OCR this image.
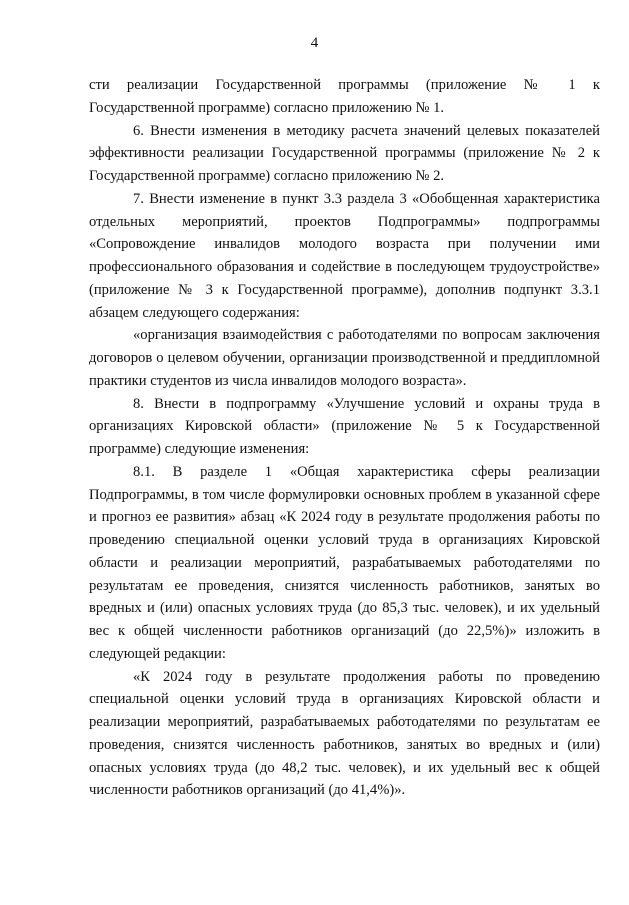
4

сти реализации Государственной программы (приложение № 1 к Государственной программе) согласно приложению № 1.

6. Внести изменения в методику расчета значений целевых показателей эффективности реализации Государственной программы (приложение № 2 к Государственной программе) согласно приложению № 2.

7. Внести изменение в пункт 3.3 раздела 3 «Обобщенная характеристика отдельных мероприятий, проектов Подпрограммы» подпрограммы «Сопровождение инвалидов молодого возраста при получении ими профессионального образования и содействие в последующем трудоустройстве» (приложение № 3 к Государственной программе), дополнив подпункт 3.3.1 абзацем следующего содержания:

«организация взаимодействия с работодателями по вопросам заключения договоров о целевом обучении, организации производственной и преддипломной практики студентов из числа инвалидов молодого возраста».

8. Внести в подпрограмму «Улучшение условий и охраны труда в организациях Кировской области» (приложение № 5 к Государственной программе) следующие изменения:

8.1. В разделе 1 «Общая характеристика сферы реализации Подпрограммы, в том числе формулировки основных проблем в указанной сфере и прогноз ее развития» абзац «К 2024 году в результате продолжения работы по проведению специальной оценки условий труда в организациях Кировской области и реализации мероприятий, разрабатываемых работодателями по результатам ее проведения, снизятся численность работников, занятых во вредных и (или) опасных условиях труда (до 85,3 тыс. человек), и их удельный вес к общей численности работников организаций (до 22,5%)» изложить в следующей редакции:

«К 2024 году в результате продолжения работы по проведению специальной оценки условий труда в организациях Кировской области и реализации мероприятий, разрабатываемых работодателями по результатам ее проведения, снизятся численность работников, занятых во вредных и (или) опасных условиях труда (до 48,2 тыс. человек), и их удельный вес к общей численности работников организаций (до 41,4%)».
